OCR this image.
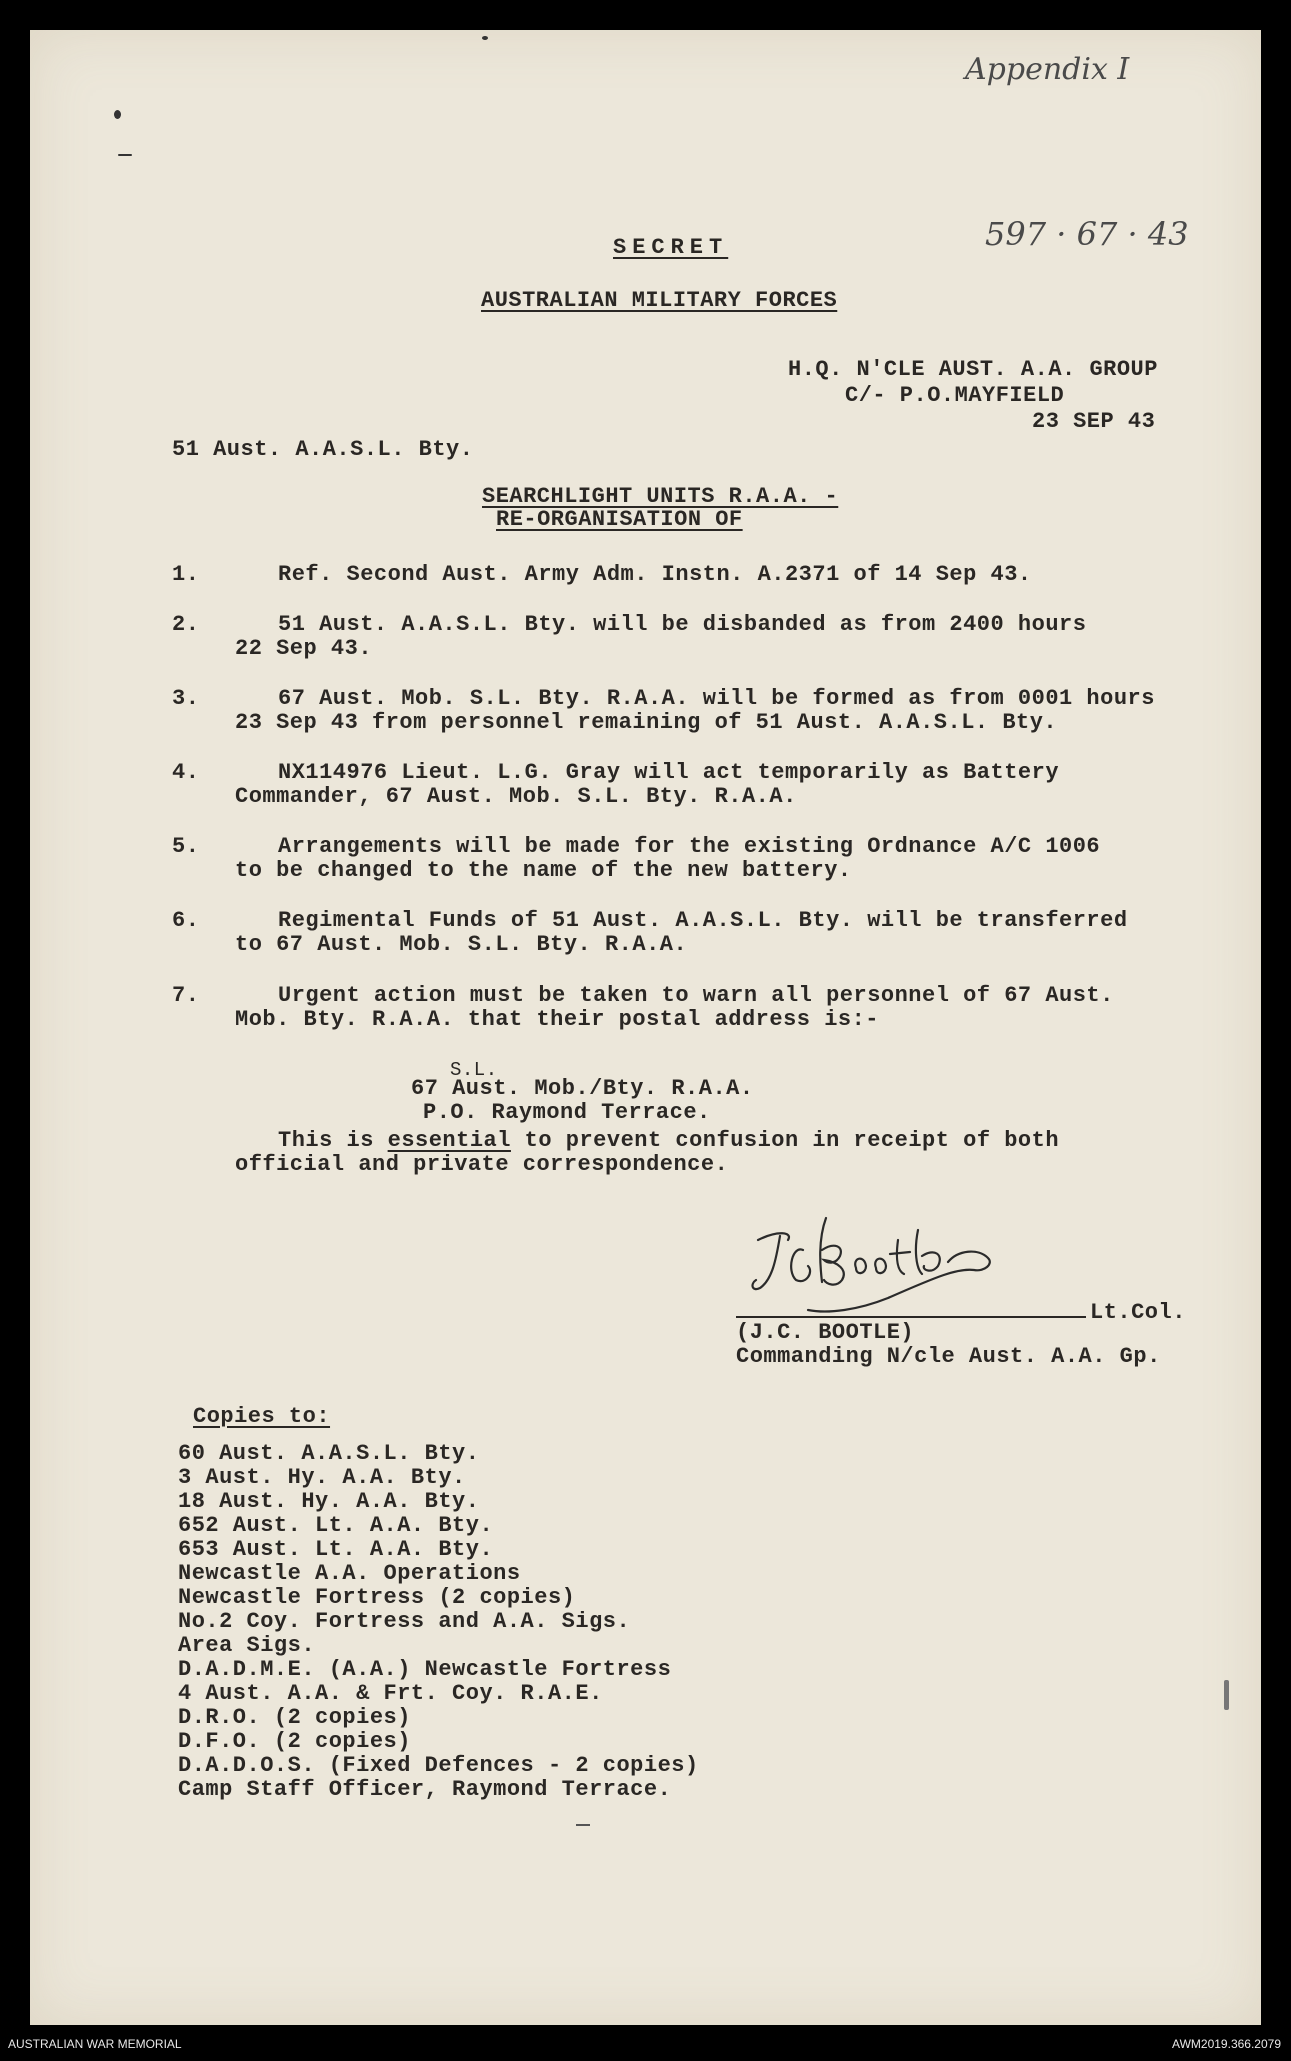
Appendix I
597 · 67 · 43
SECRET
AUSTRALIAN MILITARY FORCES
H.Q. N'CLE AUST. A.A. GROUP
C/- P.O.MAYFIELD
23 SEP 43
51 Aust. A.A.S.L. Bty.
SEARCHLIGHT UNITS R.A.A. -
RE-ORGANISATION OF
1.	Ref. Second Aust. Army Adm. Instn. A.2371 of 14 Sep 43.
2.	51 Aust. A.A.S.L. Bty. will be disbanded as from 2400 hours
22 Sep 43.
3.	67 Aust. Mob. S.L. Bty. R.A.A. will be formed as from 0001 hours
23 Sep 43 from personnel remaining of 51 Aust. A.A.S.L. Bty.
4.	NX114976 Lieut. L.G. Gray will act temporarily as Battery
Commander, 67 Aust. Mob. S.L. Bty. R.A.A.
5.	Arrangements will be made for the existing Ordnance A/C 1006
to be changed to the name of the new battery.
6.	Regimental Funds of 51 Aust. A.A.S.L. Bty. will be transferred
to 67 Aust. Mob. S.L. Bty. R.A.A.
7.	Urgent action must be taken to warn all personnel of 67 Aust.
Mob. Bty. R.A.A. that their postal address is:-
S.L.
67 Aust. Mob./Bty. R.A.A.
P.O. Raymond Terrace.
This is essential to prevent confusion in receipt of both
official and private correspondence.
Lt.Col.
(J.C. BOOTLE)
Commanding N/cle Aust. A.A. Gp.
Copies to:
60 Aust. A.A.S.L. Bty.
3 Aust. Hy. A.A. Bty.
18 Aust. Hy. A.A. Bty.
652 Aust. Lt. A.A. Bty.
653 Aust. Lt. A.A. Bty.
Newcastle A.A. Operations
Newcastle Fortress (2 copies)
No.2 Coy. Fortress and A.A. Sigs.
Area Sigs.
D.A.D.M.E. (A.A.) Newcastle Fortress
4 Aust. A.A. & Frt. Coy. R.A.E.
D.R.O. (2 copies)
D.F.O. (2 copies)
D.A.D.O.S. (Fixed Defences - 2 copies)
Camp Staff Officer, Raymond Terrace.
AUSTRALIAN WAR MEMORIAL	AWM2019.366.2079
